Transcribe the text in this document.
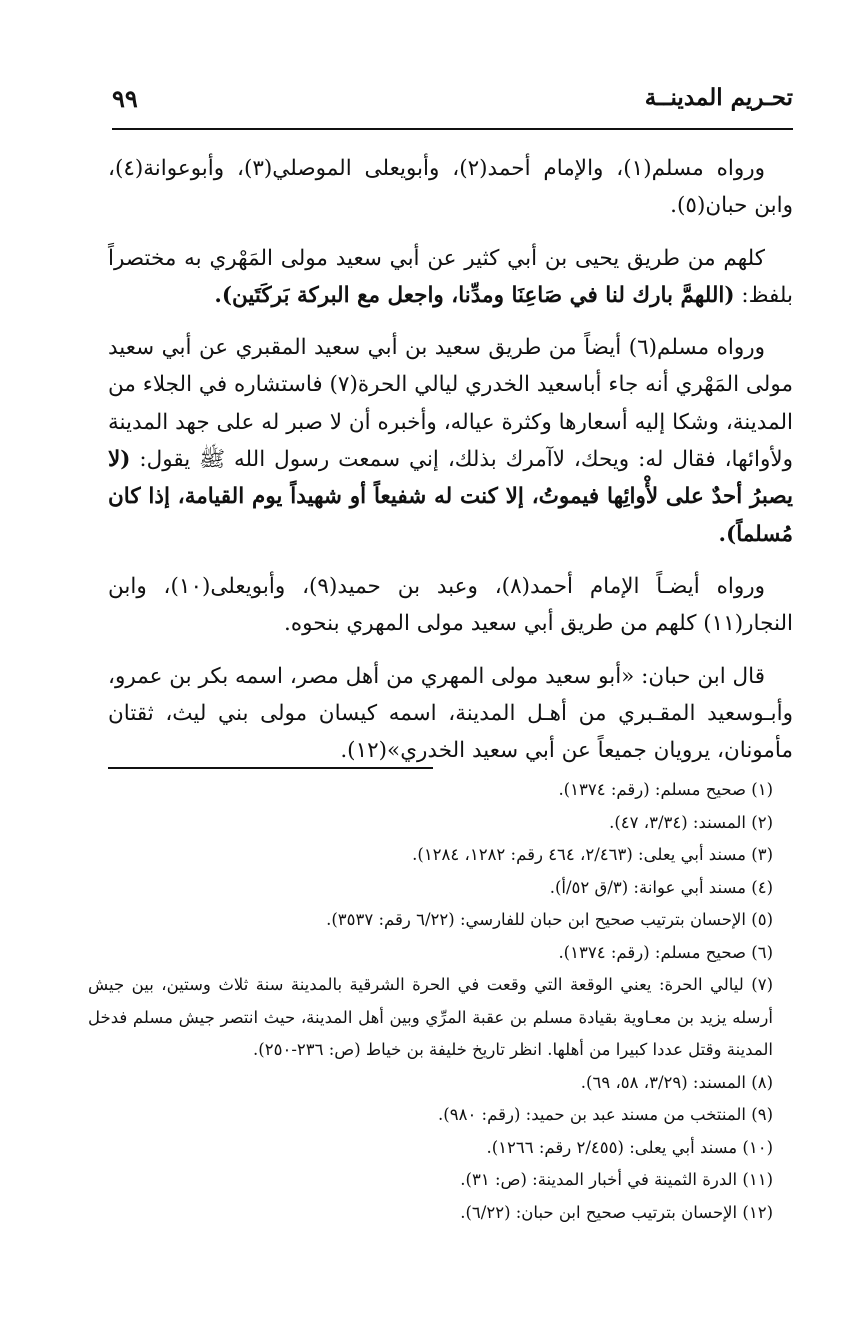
تحـريم المدينــة
٩٩

ورواه مسلم(١)، والإمام أحمد(٢)، وأبويعلى الموصلي(٣)، وأبوعوانة(٤)، وابن حبان(٥).

كلهم من طريق يحيى بن أبي كثير عن أبي سعيد مولى المَهْري به مختصراً بلفظ: (اللهمَّ بارك لنا في صَاعِنَا ومدِّنا، واجعل مع البركة بَركَتَين).

ورواه مسلم(٦) أيضاً من طريق سعيد بن أبي سعيد المقبري عن أبي سعيد مولى المَهْري أنه جاء أباسعيد الخدري ليالي الحرة(٧) فاستشاره في الجلاء من المدينة، وشكا إليه أسعارها وكثرة عياله، وأخبره أن لا صبر له على جهد المدينة ولأوائها، فقال له: ويحك، لاآمرك بذلك، إني سمعت رسول الله ﷺ يقول: (لا يصبرُ أحدٌ على لأْوائِها فيموتُ، إلا كنت له شفيعاً أو شهيداً يوم القيامة، إذا كان مُسلماً).

ورواه أيضـاً الإمام أحمد(٨)، وعبد بن حميد(٩)، وأبويعلى(١٠)، وابن النجار(١١) كلهم من طريق أبي سعيد مولى المهري بنحوه.

قال ابن حبان: «أبو سعيد مولى المهري من أهل مصر، اسمه بكر بن عمرو، وأبـوسعيد المقـبري من أهـل المدينة، اسمه كيسان مولى بني ليث، ثقتان مأمونان، يرويان جميعاً عن أبي سعيد الخدري»(١٢).

(١) صحيح مسلم: (رقم: ١٣٧٤).
(٢) المسند: (٣/٣٤، ٤٧).
(٣) مسند أبي يعلى: (٢/٤٦٣، ٤٦٤ رقم: ١٢٨٢، ١٢٨٤).
(٤) مسند أبي عوانة: (٣/ق ٥٢/أ).
(٥) الإحسان بترتيب صحيح ابن حبان للفارسي: (٦/٢٢ رقم: ٣٥٣٧).
(٦) صحيح مسلم: (رقم: ١٣٧٤).
(٧) ليالي الحرة: يعني الوقعة التي وقعت في الحرة الشرقية بالمدينة سنة ثلاث وستين، بين جيش أرسله يزيد بن معـاوية بقيادة مسلم بن عقبة المرِّي وبين أهل المدينة، حيث انتصر جيش مسلم فدخل المدينة وقتل عددا كبيرا من أهلها. انظر تاريخ خليفة بن خياط (ص: ٢٣٦-٢٥٠).
(٨) المسند: (٣/٢٩، ٥٨، ٦٩).
(٩) المنتخب من مسند عبد بن حميد: (رقم: ٩٨٠).
(١٠) مسند أبي يعلى: (٢/٤٥٥ رقم: ١٢٦٦).
(١١) الدرة الثمينة في أخبار المدينة: (ص: ٣١).
(١٢) الإحسان بترتيب صحيح ابن حبان: (٦/٢٢).
